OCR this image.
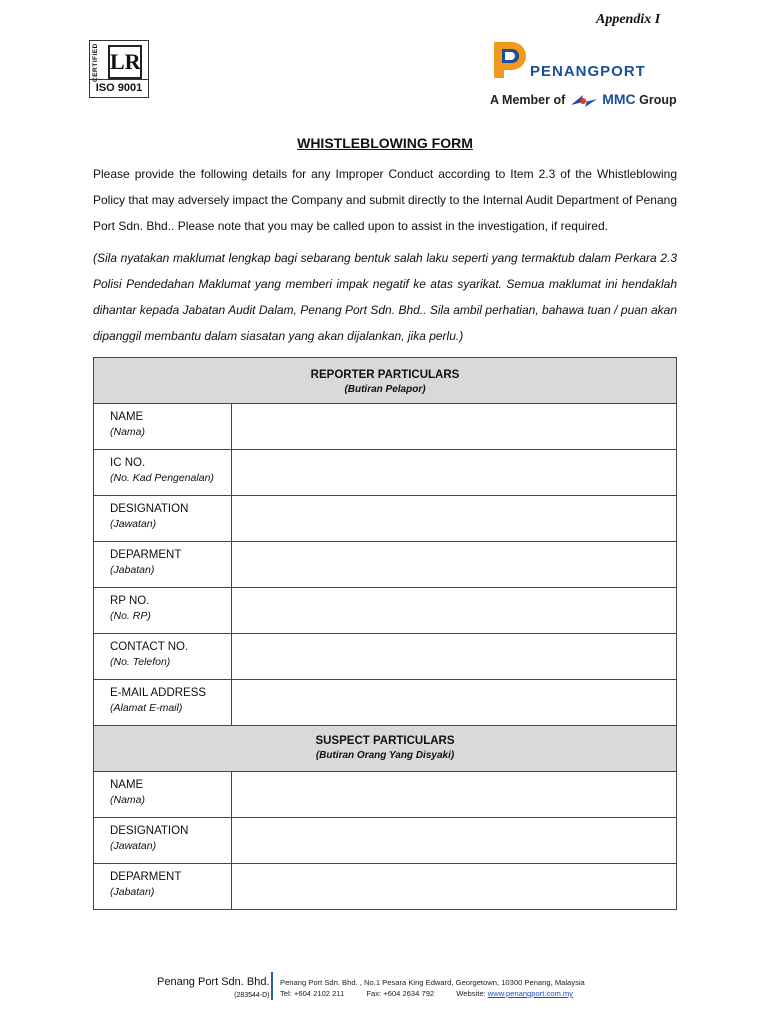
Appendix I
CERTIFIED LR
ISO 9001
PENANGPORT
A Member of	MMC Group
WHISTLEBLOWING FORM
Please provide the following details for any Improper Conduct according to Item 2.3 of the Whistleblowing Policy that may adversely impact the Company and submit directly to the Internal Audit Department of Penang Port Sdn. Bhd.. Please note that you may be called upon to assist in the investigation, if required.
(Sila nyatakan maklumat lengkap bagi sebarang bentuk salah laku seperti yang termaktub dalam Perkara 2.3 Polisi Pendedahan Maklumat yang memberi impak negatif ke atas syarikat. Semua maklumat ini hendaklah dihantar kepada Jabatan Audit Dalam, Penang Port Sdn. Bhd.. Sila ambil perhatian, bahawa tuan / puan akan dipanggil membantu dalam siasatan yang akan dijalankan, jika perlu.)
REPORTER PARTICULARS
(Butiran Pelapor)	

NAME
(Nama)	

IC NO.
(No. Kad Pengenalan)	

DESIGNATION
(Jawatan)	

DEPARMENT
(Jabatan)	

RP NO.
(No. RP)	

CONTACT NO.
(No. Telefon)	

E-MAIL ADDRESS
(Alamat E-mail)	

SUSPECT PARTICULARS
(Butiran Orang Yang Disyaki)	

NAME
(Nama)	

DESIGNATION
(Jawatan)	

DEPARMENT
(Jabatan)	

Penang Port Sdn. Bhd.
(283544-D)
Penang Port Sdn. Bhd. , No.1 Pesara King Edward, Georgetown, 10300 Penang, Malaysia
Tel: +604 2102 211	Fax: +604 2634 792	Website: www.penangport.com.my
